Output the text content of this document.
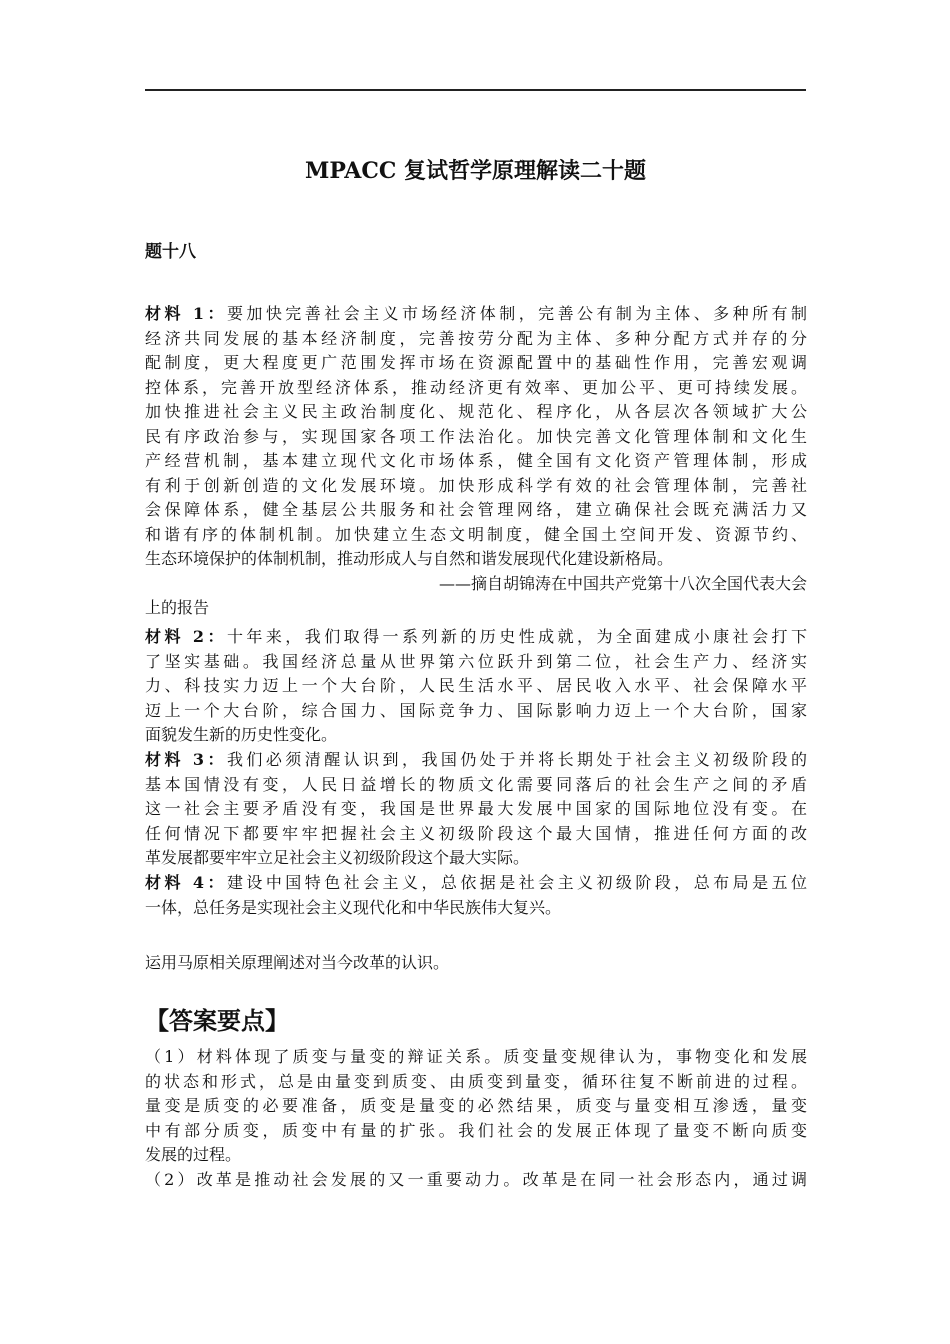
MPACC 复试哲学原理解读二十题
题十八
材料 1：要加快完善社会主义市场经济体制，完善公有制为主体、多种所有制
经济共同发展的基本经济制度，完善按劳分配为主体、多种分配方式并存的分
配制度，更大程度更广范围发挥市场在资源配置中的基础性作用，完善宏观调
控体系，完善开放型经济体系，推动经济更有效率、更加公平、更可持续发展。
加快推进社会主义民主政治制度化、规范化、程序化，从各层次各领域扩大公
民有序政治参与，实现国家各项工作法治化。加快完善文化管理体制和文化生
产经营机制，基本建立现代文化市场体系，健全国有文化资产管理体制，形成
有利于创新创造的文化发展环境。加快形成科学有效的社会管理体制，完善社
会保障体系，健全基层公共服务和社会管理网络，建立确保社会既充满活力又
和谐有序的体制机制。加快建立生态文明制度，健全国土空间开发、资源节约、
生态环境保护的体制机制，推动形成人与自然和谐发展现代化建设新格局。
——摘自胡锦涛在中国共产党第十八次全国代表大会
上的报告
材料 2：十年来，我们取得一系列新的历史性成就，为全面建成小康社会打下
了坚实基础。我国经济总量从世界第六位跃升到第二位，社会生产力、经济实
力、科技实力迈上一个大台阶，人民生活水平、居民收入水平、社会保障水平
迈上一个大台阶，综合国力、国际竞争力、国际影响力迈上一个大台阶，国家
面貌发生新的历史性变化。
材料 3：我们必须清醒认识到，我国仍处于并将长期处于社会主义初级阶段的
基本国情没有变，人民日益增长的物质文化需要同落后的社会生产之间的矛盾
这一社会主要矛盾没有变，我国是世界最大发展中国家的国际地位没有变。在
任何情况下都要牢牢把握社会主义初级阶段这个最大国情，推进任何方面的改
革发展都要牢牢立足社会主义初级阶段这个最大实际。
材料 4：建设中国特色社会主义，总依据是社会主义初级阶段，总布局是五位
一体，总任务是实现社会主义现代化和中华民族伟大复兴。
运用马原相关原理阐述对当今改革的认识。
【答案要点】
（1）材料体现了质变与量变的辩证关系。质变量变规律认为，事物变化和发展
的状态和形式，总是由量变到质变、由质变到量变，循环往复不断前进的过程。
量变是质变的必要准备，质变是量变的必然结果，质变与量变相互渗透，量变
中有部分质变，质变中有量的扩张。我们社会的发展正体现了量变不断向质变
发展的过程。
（2）改革是推动社会发展的又一重要动力。改革是在同一社会形态内，通过调
